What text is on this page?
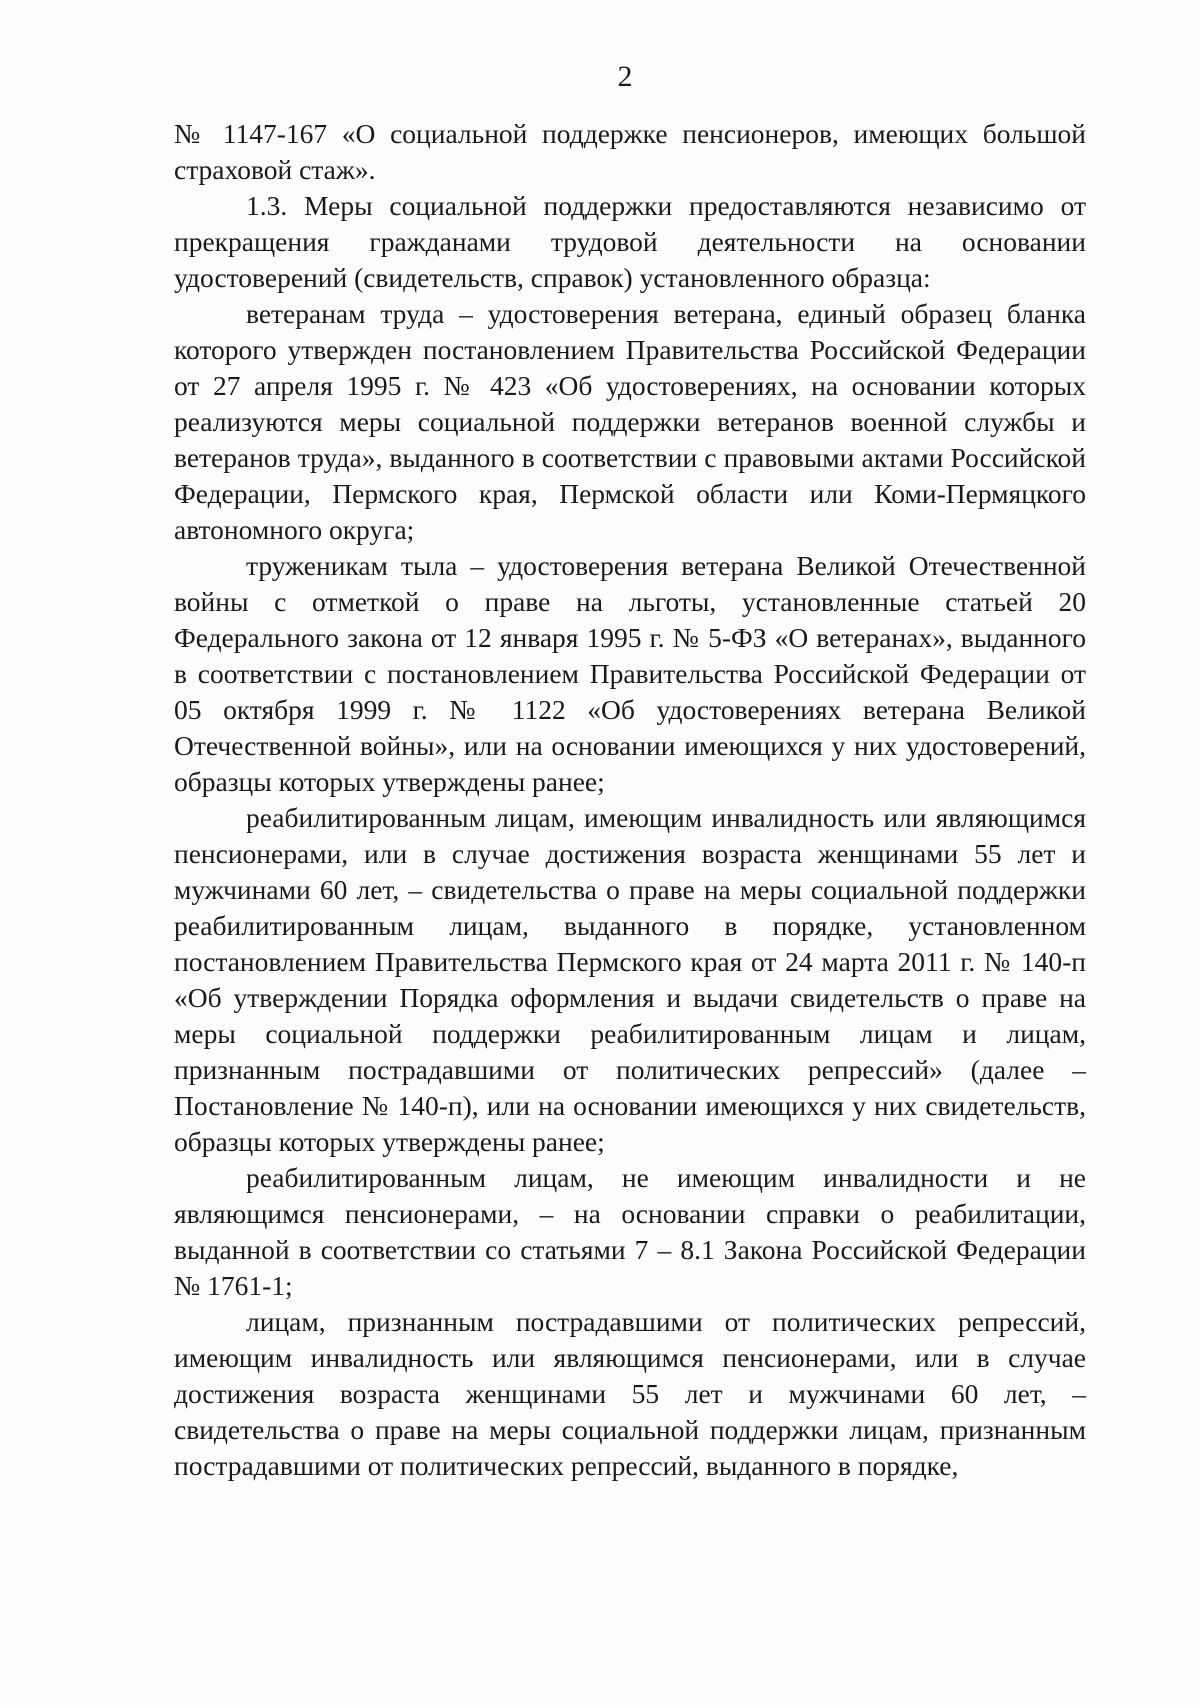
2

№ 1147-167 «О социальной поддержке пенсионеров, имеющих большой страховой стаж».

1.3. Меры социальной поддержки предоставляются независимо от прекращения гражданами трудовой деятельности на основании удостоверений (свидетельств, справок) установленного образца:

ветеранам труда – удостоверения ветерана, единый образец бланка которого утвержден постановлением Правительства Российской Федерации от 27 апреля 1995 г. № 423 «Об удостоверениях, на основании которых реализуются меры социальной поддержки ветеранов военной службы и ветеранов труда», выданного в соответствии с правовыми актами Российской Федерации, Пермского края, Пермской области или Коми-Пермяцкого автономного округа;

труженикам тыла – удостоверения ветерана Великой Отечественной войны с отметкой о праве на льготы, установленные статьей 20 Федерального закона от 12 января 1995 г. № 5-ФЗ «О ветеранах», выданного в соответствии с постановлением Правительства Российской Федерации от 05 октября 1999 г. № 1122 «Об удостоверениях ветерана Великой Отечественной войны», или на основании имеющихся у них удостоверений, образцы которых утверждены ранее;

реабилитированным лицам, имеющим инвалидность или являющимся пенсионерами, или в случае достижения возраста женщинами 55 лет и мужчинами 60 лет, – свидетельства о праве на меры социальной поддержки реабилитированным лицам, выданного в порядке, установленном постановлением Правительства Пермского края от 24 марта 2011 г. № 140-п «Об утверждении Порядка оформления и выдачи свидетельств о праве на меры социальной поддержки реабилитированным лицам и лицам, признанным пострадавшими от политических репрессий» (далее – Постановление № 140-п), или на основании имеющихся у них свидетельств, образцы которых утверждены ранее;

реабилитированным лицам, не имеющим инвалидности и не являющимся пенсионерами, – на основании справки о реабилитации, выданной в соответствии со статьями 7 – 8.1 Закона Российской Федерации № 1761-1;

лицам, признанным пострадавшими от политических репрессий, имеющим инвалидность или являющимся пенсионерами, или в случае достижения возраста женщинами 55 лет и мужчинами 60 лет, – свидетельства о праве на меры социальной поддержки лицам, признанным пострадавшими от политических репрессий, выданного в порядке,
